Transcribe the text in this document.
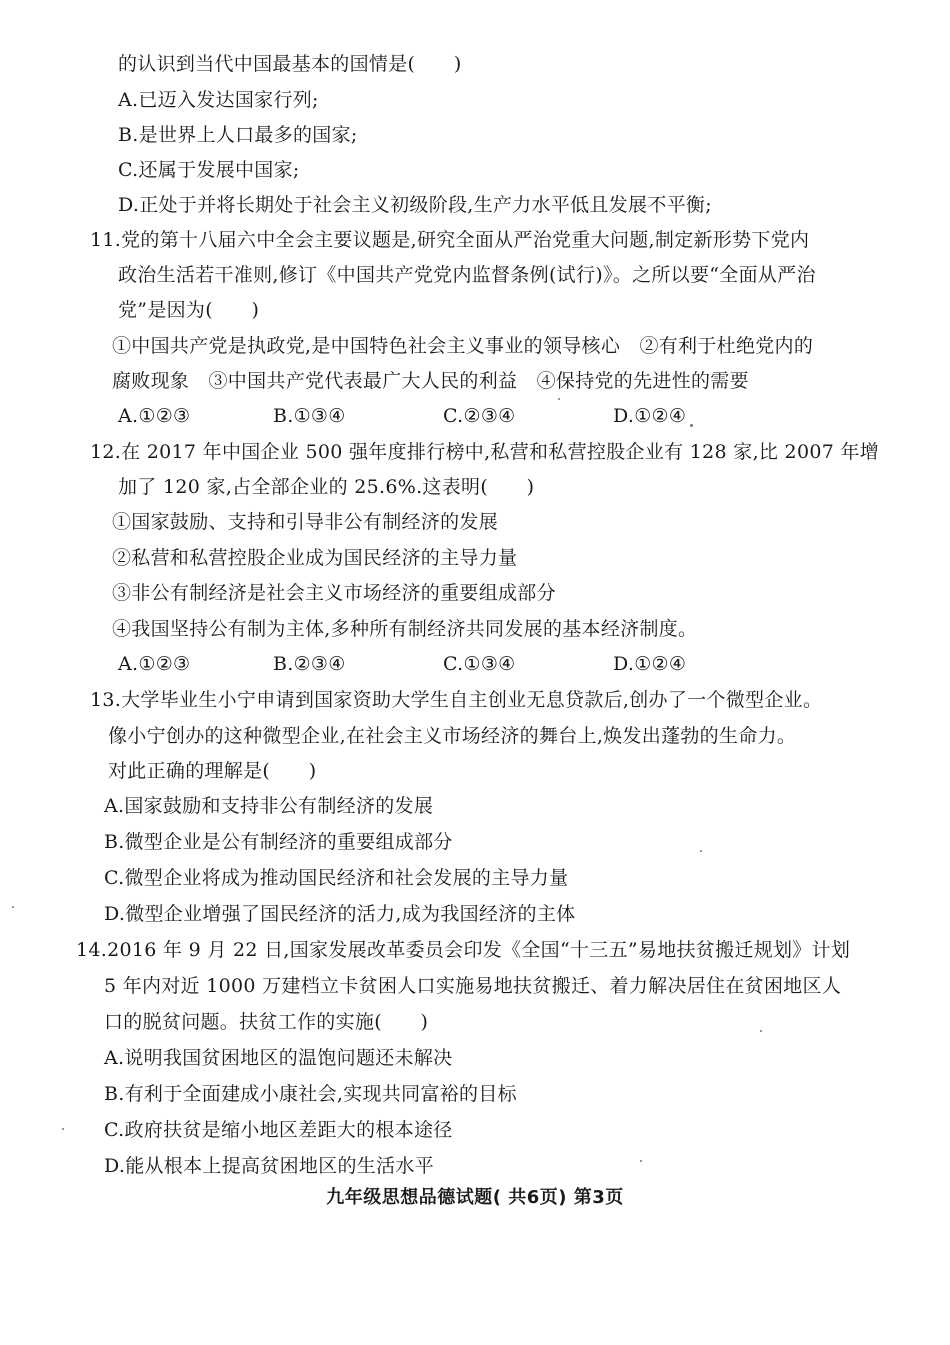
的认识到当代中国最基本的国情是(　　)
A.已迈入发达国家行列;
B.是世界上人口最多的国家;
C.还属于发展中国家;
D.正处于并将长期处于社会主义初级阶段,生产力水平低且发展不平衡;
11.党的第十八届六中全会主要议题是,研究全面从严治党重大问题,制定新形势下党内
政治生活若干准则,修订《中国共产党党内监督条例(试行)》。之所以要“全面从严治
党”是因为(　　)
①中国共产党是执政党,是中国特色社会主义事业的领导核心　②有利于杜绝党内的
腐败现象　③中国共产党代表最广大人民的利益　④保持党的先进性的需要
A.①②③	B.①③④	C.②③④	D.①②④
12.在 2017 年中国企业 500 强年度排行榜中,私营和私营控股企业有 128 家,比 2007 年增
加了 120 家,占全部企业的 25.6%.这表明(　　)
①国家鼓励、支持和引导非公有制经济的发展
②私营和私营控股企业成为国民经济的主导力量
③非公有制经济是社会主义市场经济的重要组成部分
④我国坚持公有制为主体,多种所有制经济共同发展的基本经济制度。
A.①②③	B.②③④	C.①③④	D.①②④
13.大学毕业生小宁申请到国家资助大学生自主创业无息贷款后,创办了一个微型企业。
像小宁创办的这种微型企业,在社会主义市场经济的舞台上,焕发出蓬勃的生命力。
对此正确的理解是(　　)
A.国家鼓励和支持非公有制经济的发展
B.微型企业是公有制经济的重要组成部分
C.微型企业将成为推动国民经济和社会发展的主导力量
D.微型企业增强了国民经济的活力,成为我国经济的主体
14.2016 年 9 月 22 日,国家发展改革委员会印发《全国“十三五”易地扶贫搬迁规划》计划
5 年内对近 1000 万建档立卡贫困人口实施易地扶贫搬迁、着力解决居住在贫困地区人
口的脱贫问题。扶贫工作的实施(　　)
A.说明我国贫困地区的温饱问题还未解决
B.有利于全面建成小康社会,实现共同富裕的目标
C.政府扶贫是缩小地区差距大的根本途径
D.能从根本上提高贫困地区的生活水平
九年级思想品德试题( 共6页) 第3页
